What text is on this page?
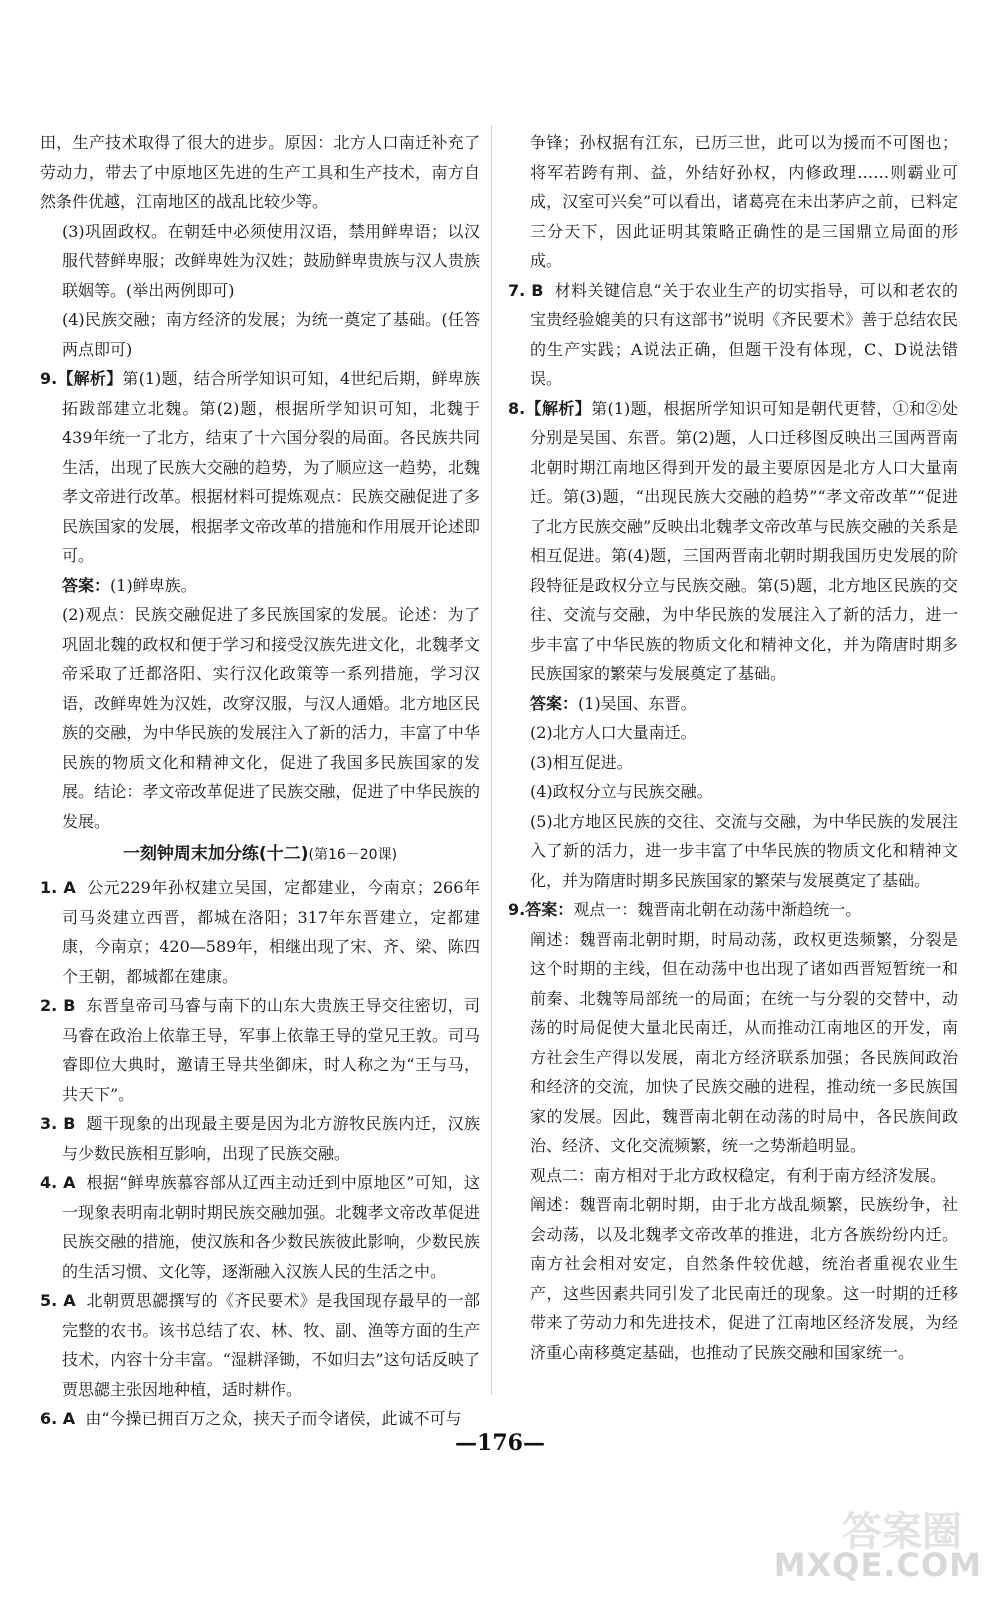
田，生产技术取得了很大的进步。原因：北方人口南迁补充了劳动力，带去了中原地区先进的生产工具和生产技术，南方自然条件优越，江南地区的战乱比较少等。

(3)巩固政权。在朝廷中必须使用汉语，禁用鲜卑语；以汉服代替鲜卑服；改鲜卑姓为汉姓；鼓励鲜卑贵族与汉人贵族联姻等。(举出两例即可)

(4)民族交融；南方经济的发展；为统一奠定了基础。(任答两点即可)

9.【解析】第(1)题，结合所学知识可知，4世纪后期，鲜卑族拓跋部建立北魏。第(2)题，根据所学知识可知，北魏于439年统一了北方，结束了十六国分裂的局面。各民族共同生活，出现了民族大交融的趋势，为了顺应这一趋势，北魏孝文帝进行改革。根据材料可提炼观点：民族交融促进了多民族国家的发展，根据孝文帝改革的措施和作用展开论述即可。

答案：(1)鲜卑族。

(2)观点：民族交融促进了多民族国家的发展。论述：为了巩固北魏的政权和便于学习和接受汉族先进文化，北魏孝文帝采取了迁都洛阳、实行汉化政策等一系列措施，学习汉语，改鲜卑姓为汉姓，改穿汉服，与汉人通婚。北方地区民族的交融，为中华民族的发展注入了新的活力，丰富了中华民族的物质文化和精神文化，促进了我国多民族国家的发展。结论：孝文帝改革促进了民族交融，促进了中华民族的发展。

一刻钟周末加分练(十二)(第16－20课)

1. A 公元229年孙权建立吴国，定都建业，今南京；266年司马炎建立西晋，都城在洛阳；317年东晋建立，定都建康，今南京；420—589年，相继出现了宋、齐、梁、陈四个王朝，都城都在建康。

2. B 东晋皇帝司马睿与南下的山东大贵族王导交往密切，司马睿在政治上依靠王导，军事上依靠王导的堂兄王敦。司马睿即位大典时，邀请王导共坐御床，时人称之为“王与马，共天下”。

3. B 题干现象的出现最主要是因为北方游牧民族内迁，汉族与少数民族相互影响，出现了民族交融。

4. A 根据“鲜卑族慕容部从辽西主动迁到中原地区”可知，这一现象表明南北朝时期民族交融加强。北魏孝文帝改革促进民族交融的措施，使汉族和各少数民族彼此影响，少数民族的生活习惯、文化等，逐渐融入汉族人民的生活之中。

5. A 北朝贾思勰撰写的《齐民要术》是我国现存最早的一部完整的农书。该书总结了农、林、牧、副、渔等方面的生产技术，内容十分丰富。“湿耕泽锄，不如归去”这句话反映了贾思勰主张因地种植，适时耕作。

6. A 由“今操已拥百万之众，挟天子而令诸侯，此诚不可与

争锋；孙权据有江东，已历三世，此可以为援而不可图也；将军若跨有荆、益，外结好孙权，内修政理……则霸业可成，汉室可兴矣”可以看出，诸葛亮在未出茅庐之前，已料定三分天下，因此证明其策略正确性的是三国鼎立局面的形成。

7. B 材料关键信息“关于农业生产的切实指导，可以和老农的宝贵经验媲美的只有这部书”说明《齐民要术》善于总结农民的生产实践；A说法正确，但题干没有体现，C、D说法错误。

8.【解析】第(1)题，根据所学知识可知是朝代更替，①和②处分别是吴国、东晋。第(2)题，人口迁移图反映出三国两晋南北朝时期江南地区得到开发的最主要原因是北方人口大量南迁。第(3)题，“出现民族大交融的趋势”“孝文帝改革”“促进了北方民族交融”反映出北魏孝文帝改革与民族交融的关系是相互促进。第(4)题，三国两晋南北朝时期我国历史发展的阶段特征是政权分立与民族交融。第(5)题，北方地区民族的交往、交流与交融，为中华民族的发展注入了新的活力，进一步丰富了中华民族的物质文化和精神文化，并为隋唐时期多民族国家的繁荣与发展奠定了基础。

答案：(1)吴国、东晋。

(2)北方人口大量南迁。

(3)相互促进。

(4)政权分立与民族交融。

(5)北方地区民族的交往、交流与交融，为中华民族的发展注入了新的活力，进一步丰富了中华民族的物质文化和精神文化，并为隋唐时期多民族国家的繁荣与发展奠定了基础。

9.答案：观点一：魏晋南北朝在动荡中渐趋统一。

阐述：魏晋南北朝时期，时局动荡，政权更迭频繁，分裂是这个时期的主线，但在动荡中也出现了诸如西晋短暂统一和前秦、北魏等局部统一的局面；在统一与分裂的交替中，动荡的时局促使大量北民南迁，从而推动江南地区的开发，南方社会生产得以发展，南北方经济联系加强；各民族间政治和经济的交流，加快了民族交融的进程，推动统一多民族国家的发展。因此，魏晋南北朝在动荡的时局中，各民族间政治、经济、文化交流频繁，统一之势渐趋明显。

观点二：南方相对于北方政权稳定，有利于南方经济发展。

阐述：魏晋南北朝时期，由于北方战乱频繁，民族纷争，社会动荡，以及北魏孝文帝改革的推进，北方各族纷纷内迁。南方社会相对安定，自然条件较优越，统治者重视农业生产，这些因素共同引发了北民南迁的现象。这一时期的迁移带来了劳动力和先进技术，促进了江南地区经济发展，为经济重心南移奠定基础，也推动了民族交融和国家统一。

—176—
答案圈
MXQE.COM
